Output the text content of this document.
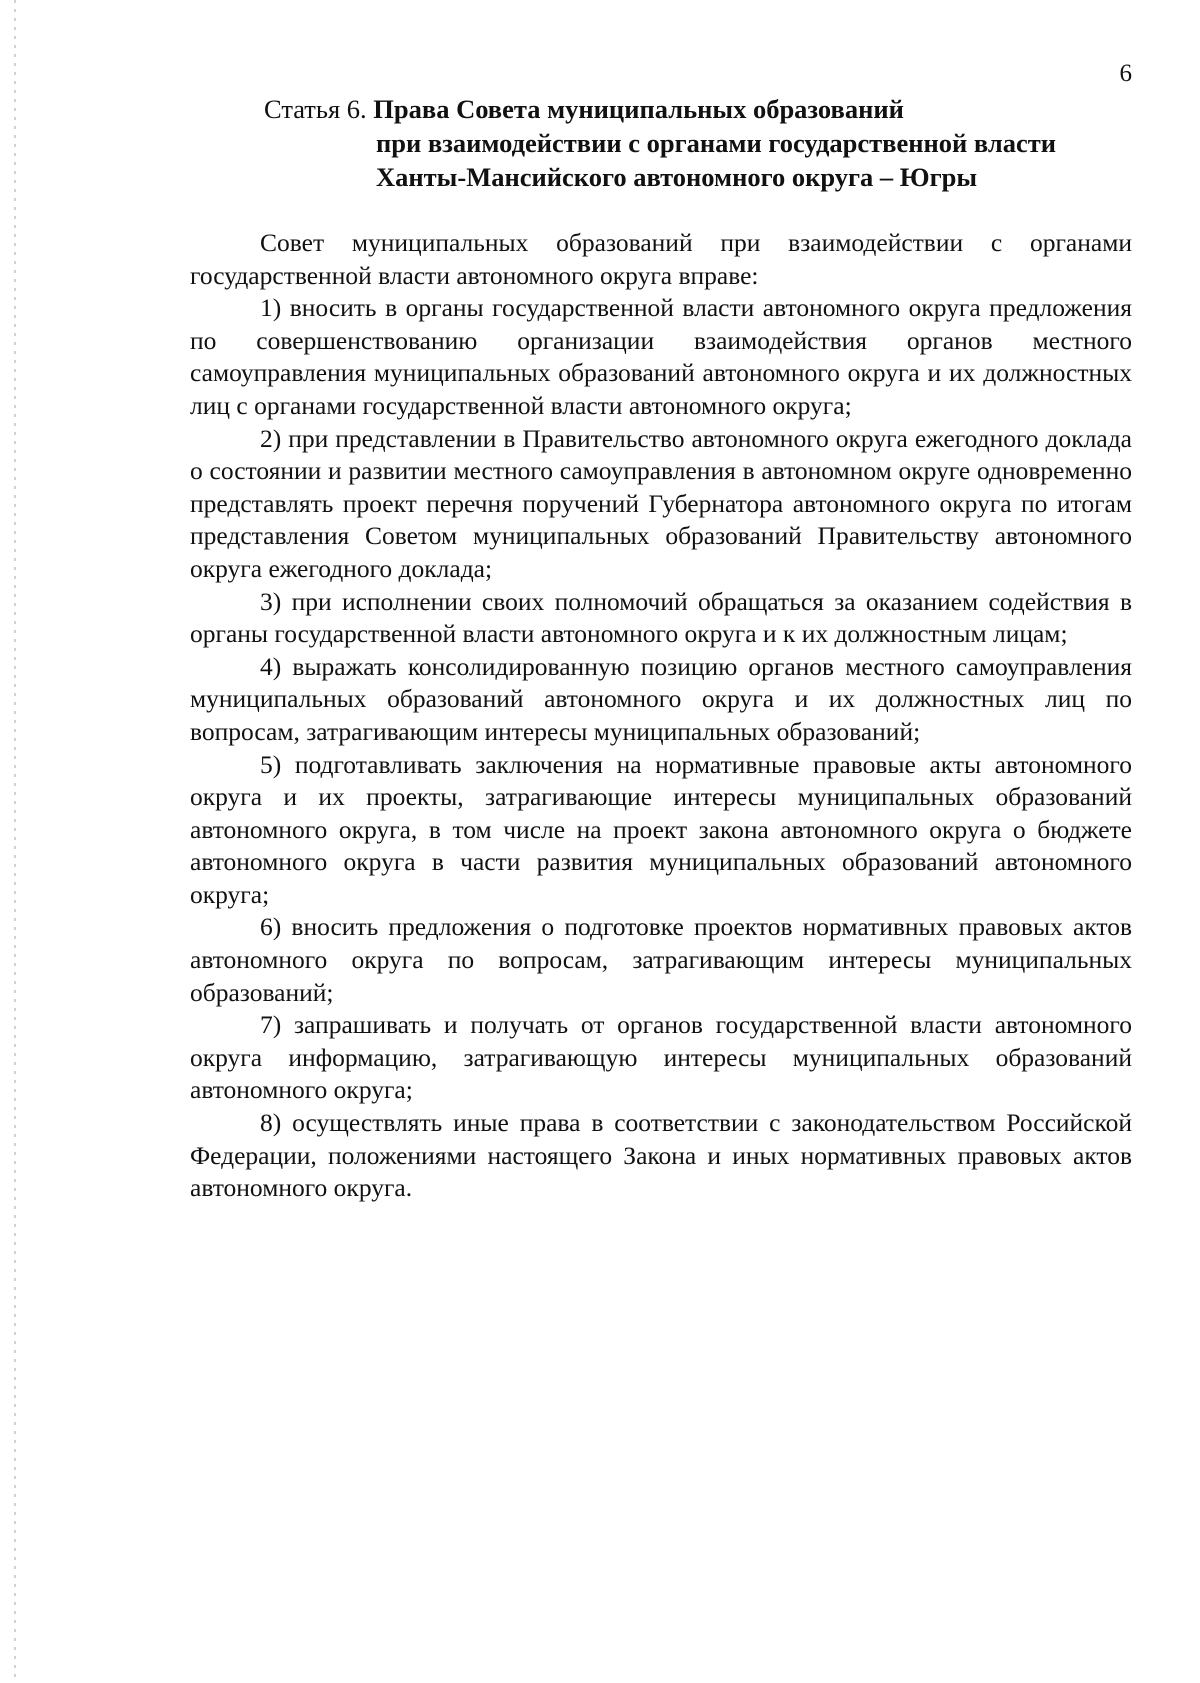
6
Статья 6. Права Совета муниципальных образований
при взаимодействии с органами государственной власти
Ханты-Мансийского автономного округа – Югры

Совет муниципальных образований при взаимодействии с органами государственной власти автономного округа вправе:

1) вносить в органы государственной власти автономного округа предложения по совершенствованию организации взаимодействия органов местного самоуправления муниципальных образований автономного округа и их должностных лиц с органами государственной власти автономного округа;

2) при представлении в Правительство автономного округа ежегодного доклада о состоянии и развитии местного самоуправления в автономном округе одновременно представлять проект перечня поручений Губернатора автономного округа по итогам представления Советом муниципальных образований Правительству автономного округа ежегодного доклада;

3) при исполнении своих полномочий обращаться за оказанием содействия в органы государственной власти автономного округа и к их должностным лицам;

4) выражать консолидированную позицию органов местного самоуправления муниципальных образований автономного округа и их должностных лиц по вопросам, затрагивающим интересы муниципальных образований;

5) подготавливать заключения на нормативные правовые акты автономного округа и их проекты, затрагивающие интересы муниципальных образований автономного округа, в том числе на проект закона автономного округа о бюджете автономного округа в части развития муниципальных образований автономного округа;

6) вносить предложения о подготовке проектов нормативных правовых актов автономного округа по вопросам, затрагивающим интересы муниципальных образований;

7) запрашивать и получать от органов государственной власти автономного округа информацию, затрагивающую интересы муниципальных образований автономного округа;

8) осуществлять иные права в соответствии с законодательством Российской Федерации, положениями настоящего Закона и иных нормативных правовых актов автономного округа.
